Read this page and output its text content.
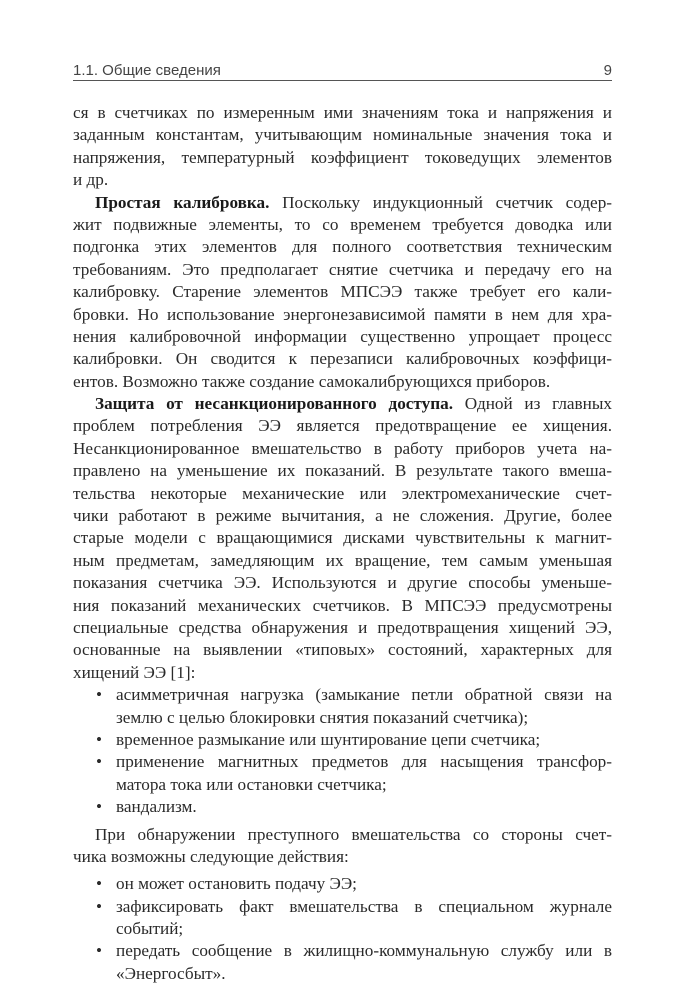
1.1. Общие сведения	9
ся в счетчиках по измеренным ими значениям тока и напряжения и
заданным константам, учитывающим номинальные значения тока и
напряжения, температурный коэффициент токоведущих элементов
и др.
Простая калибровка. Поскольку индукционный счетчик содер-
жит подвижные элементы, то со временем требуется доводка или
подгонка этих элементов для полного соответствия техническим
требованиям. Это предполагает снятие счетчика и передачу его на
калибровку. Старение элементов МПСЭЭ также требует его кали-
бровки. Но использование энергонезависимой памяти в нем для хра-
нения калибровочной информации существенно упрощает процесс
калибровки. Он сводится к перезаписи калибровочных коэффици-
ентов. Возможно также создание самокалибрующихся приборов.
Защита от несанкционированного доступа. Одной из главных
проблем потребления ЭЭ является предотвращение ее хищения.
Несанкционированное вмешательство в работу приборов учета на-
правлено на уменьшение их показаний. В результате такого вмеша-
тельства некоторые механические или электромеханические счет-
чики работают в режиме вычитания, а не сложения. Другие, более
старые модели с вращающимися дисками чувствительны к магнит-
ным предметам, замедляющим их вращение, тем самым уменьшая
показания счетчика ЭЭ. Используются и другие способы уменьше-
ния показаний механических счетчиков. В МПСЭЭ предусмотрены
специальные средства обнаружения и предотвращения хищений ЭЭ,
основанные на выявлении «типовых» состояний, характерных для
хищений ЭЭ [1]:
• асимметричная нагрузка (замыкание петли обратной связи на
землю с целью блокировки снятия показаний счетчика);
• временное размыкание или шунтирование цепи счетчика;
• применение магнитных предметов для насыщения трансфор-
матора тока или остановки счетчика;
• вандализм.
При обнаружении преступного вмешательства со стороны счет-
чика возможны следующие действия:
• он может остановить подачу ЭЭ;
• зафиксировать факт вмешательства в специальном журнале
событий;
• передать сообщение в жилищно-коммунальную службу или в
«Энергосбыт».
